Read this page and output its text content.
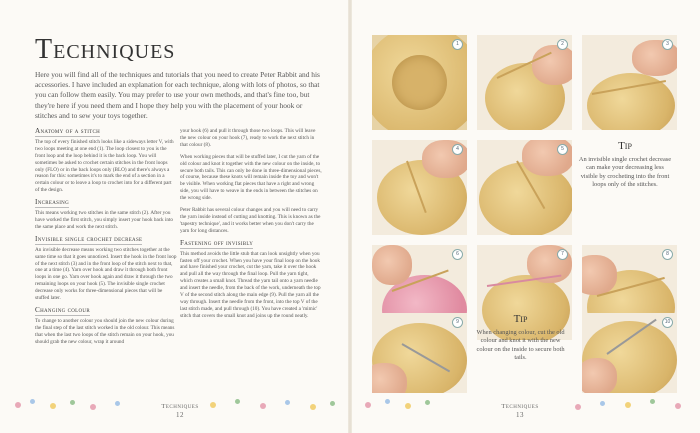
Techniques

Here you will find all of the techniques and tutorials that you need to create Peter Rabbit and his accessories. I have included an explanation for each technique, along with lots of photos, so that you can follow them easily. You may prefer to use your own methods, and that's fine too, but they're here if you need them and I hope they help you with the placement of your hook or stitches and to sew your toys together.

Anatomy of a stitch

The top of every finished stitch looks like a sideways letter V, with two loops meeting at one end (1). The loop closest to you is the front loop and the loop behind it is the back loop. You will sometimes be asked to crochet certain stitches in the front loops only (FLO) or in the back loops only (BLO) and there's always a reason for this: sometimes it's to mark the end of a section in a certain colour or to leave a loop to crochet into for a different part of the design.

Increasing

This means working two stitches in the same stitch (2). After you have worked the first stitch, you simply insert your hook back into the same place and work the next stitch.

Invisible single crochet decrease

An invisible decrease means working two stitches together at the same time so that it goes unnoticed. Insert the hook in the front loop of the next stitch (3) and in the front loop of the stitch next to that, one at a time (4). Yarn over hook and draw it through both front loops in one go. Yarn over hook again and draw it through the two remaining loops on your hook (5). The invisible single crochet decrease only works for three-dimensional pieces that will be stuffed later.

Changing colour

To change to another colour you should join the new colour during the final step of the last stitch worked in the old colour. This means that when the last two loops of the stitch remain on your hook, you should grab the new colour, wrap it around

your hook (6) and pull it through those two loops. This will leave the new colour on your hook (7), ready to work the next stitch in that colour (8).

When working pieces that will be stuffed later, I cut the yarn of the old colour and knot it together with the new colour on the inside, to secure both tails. This can only be done in three-dimensional pieces, of course, because these knots will remain inside the toy and won't be visible. When working flat pieces that have a right and wrong side, you will have to weave in the ends in between the stitches on the wrong side.

Peter Rabbit has several colour changes and you will need to carry the yarn inside instead of cutting and knotting. This is known as the 'tapestry technique', and it works better when you don't carry the yarn for long distances.

Fastening off invisibly

This method avoids the little stub that can look unsightly when you fasten off your crochet. When you have your final loop on the hook and have finished your crochet, cut the yarn, take it over the hook and pull all the way through the final loop. Pull the yarn tight, which creates a small knot. Thread the yarn tail onto a yarn needle and insert the needle, from the back of the work, underneath the top V of the second stitch along the main edge (9). Pull the yarn all the way through. Insert the needle from the front, into the top V of the last stitch made, and pull through (10). You have created a 'mimic' stitch that covers the small knot and joins up the round neatly.

1	2	3
4	5	Tip

An invisible single crochet decrease can make your decreasing less visible by crocheting into the front loops only of the stitches.

6	7	8
Tip

When changing colour, cut the old colour and knot it with the new colour on the inside to secure both tails.

9	10
Techniques
12
Techniques
13
